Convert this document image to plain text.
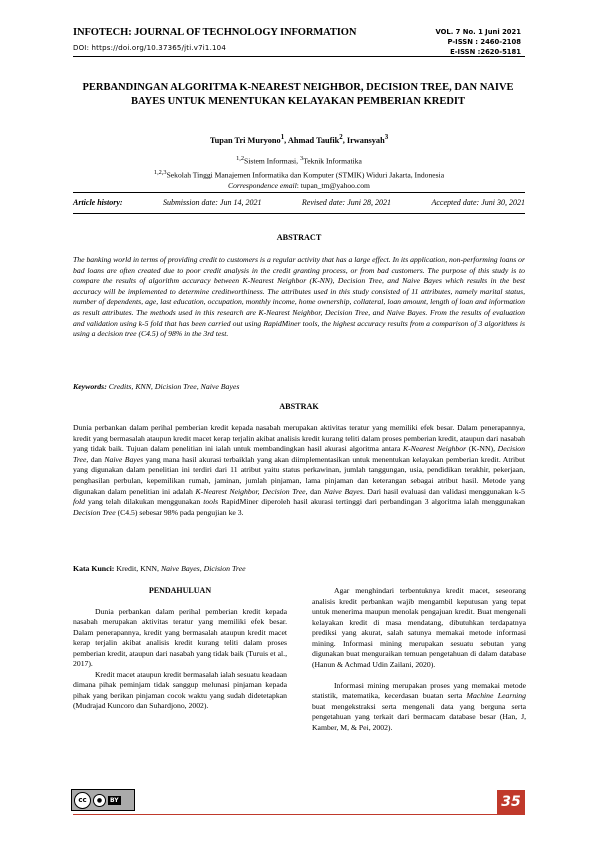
INFOTECH: JOURNAL OF TECHNOLOGY INFORMATION
DOI: https://doi.org/10.37365/jti.v7i1.104
VOL. 7 No. 1 Juni 2021
P-ISSN : 2460-2108
E-ISSN :2620-5181
PERBANDINGAN ALGORITMA K-NEAREST NEIGHBOR, DECISION TREE, DAN NAIVE BAYES UNTUK MENENTUKAN KELAYAKAN PEMBERIAN KREDIT
Tupan Tri Muryono$^1$, Ahmad Taufik$^2$, Irwansyah$^3$
$^{1,2}$Sistem Informasi, $^3$Teknik Informatika
$^{1,2,3}$Sekolah Tinggi Manajemen Informatika dan Komputer (STMIK) Widuri Jakarta, Indonesia
Correspondence email: tupan_tm@yahoo.com
Article history:	Submission date: Jun 14, 2021	Revised date: Juni 28, 2021	Accepted date: Juni 30, 2021
ABSTRACT
The banking world in terms of providing credit to customers is a regular activity that has a large effect. In its application, non-performing loans or bad loans are often created due to poor credit analysis in the credit granting process, or from bad customers. The purpose of this study is to compare the results of algorithm accuracy between K-Nearest Neighbor (K-NN), Decision Tree, and Naive Bayes which results in the best accuracy will be implemented to determine creditworthiness. The attributes used in this study consisted of 11 attributes, namely marital status, number of dependents, age, last education, occupation, monthly income, home ownership, collateral, loan amount, length of loan and information as result attributes. The methods used in this research are K-Nearest Neighbor, Decision Tree, and Naive Bayes. From the results of evaluation and validation using k-5 fold that has been carried out using RapidMiner tools, the highest accuracy results from a comparison of 3 algorithms is using a decision tree (C4.5) of 98% in the 3rd test.
Keywords: Credits, KNN, Dicision Tree, Naive Bayes
ABSTRAK
Dunia perbankan dalam perihal pemberian kredit kepada nasabah merupakan aktivitas teratur yang memiliki efek besar. Dalam penerapannya, kredit yang bermasalah ataupun kredit macet kerap terjalin akibat analisis kredit kurang teliti dalam proses pemberian kredit, ataupun dari nasabah yang tidak baik. Tujuan dalam penelitian ini ialah untuk membandingkan hasil akurasi algoritma antara K-Nearest Neighbor (K-NN), Decision Tree, dan Naive Bayes yang mana hasil akurasi terbaiklah yang akan diimplementasikan untuk menentukan kelayakan pemberian kredit. Atribut yang digunakan dalam penelitian ini terdiri dari 11 atribut yaitu status perkawinan, jumlah tanggungan, usia, pendidikan terakhir, pekerjaan, penghasilan perbulan, kepemilikan rumah, jaminan, jumlah pinjaman, lama pinjaman dan keterangan sebagai atribut hasil. Metode yang digunakan dalam penelitian ini adalah K-Nearest Neighbor, Decision Tree, dan Naive Bayes. Dari hasil evaluasi dan validasi menggunakan k-5 fold yang telah dilakukan menggunakan tools RapidMiner diperoleh hasil akurasi tertinggi dari perbandingan 3 algoritma ialah menggunakan Decision Tree (C4.5) sebesar 98% pada pengujian ke 3.
Kata Kunci: Kredit, KNN, Naive Bayes, Dicision Tree
PENDAHULUAN

Dunia perbankan dalam perihal pemberian kredit kepada nasabah merupakan aktivitas teratur yang memiliki efek besar. Dalam penerapannya, kredit yang bermasalah ataupun kredit macet kerap terjalin akibat analisis kredit kurang teliti dalam proses pemberian kredit, ataupun dari nasabah yang tidak baik (Turuis et al., 2017).

Kredit macet ataupun kredit bermasalah ialah sesuatu keadaan dimana pihak peminjam tidak sanggup melunasi pinjaman kepada pihak yang berikan pinjaman cocok waktu yang sudah didetetapkan (Mudrajad Kuncoro dan Suhardjono, 2002).

Agar menghindari terbentuknya kredit macet, seseorang analisis kredit perbankan wajib mengambil keputusan yang tepat untuk menerima maupun menolak pengajuan kredit. Buat mengenali kelayakan kredit di masa mendatang, dibutuhkan terdapatnya prediksi yang akurat, salah satunya memakai metode informasi mining. Informasi mining merupakan sesuatu sebutan yang digunakan buat menguraikan temuan pengetahuan di dalam database (Hanun & Achmad Udin Zailani, 2020).

Informasi mining merupakan proses yang memakai metode statistik, matematika, kecerdasan buatan serta Machine Learning buat mengekstraksi serta mengenali data yang berguna serta pengetahuan yang terkait dari bermacam database besar (Han, J, Kamber, M, & Pei, 2002).

cc	●	BY	35
